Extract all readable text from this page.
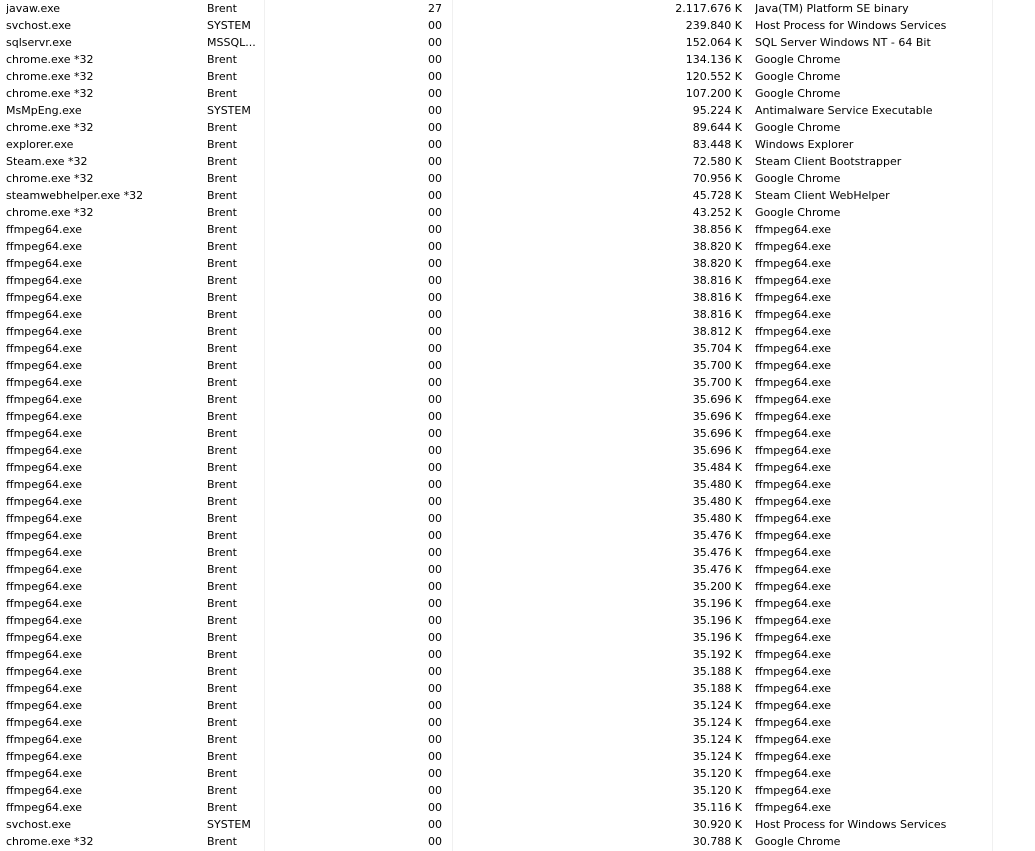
javaw.exe	Brent	27	2.117.676 K Java(TM) Platform SE binary
svchost.exe	SYSTEM	00	239.840 K Host Process for Windows Services
sqlservr.exe	MSSQL...	00	152.064 K SQL Server Windows NT - 64 Bit
chrome.exe *32	Brent	00	134.136 K Google Chrome
chrome.exe *32	Brent	00	120.552 K Google Chrome
chrome.exe *32	Brent	00	107.200 K Google Chrome
MsMpEng.exe	SYSTEM	00	95.224 K Antimalware Service Executable
chrome.exe *32	Brent	00	89.644 K Google Chrome
explorer.exe	Brent	00	83.448 K Windows Explorer
Steam.exe *32	Brent	00	72.580 K Steam Client Bootstrapper
chrome.exe *32	Brent	00	70.956 K Google Chrome
steamwebhelper.exe *32	Brent	00	45.728 K Steam Client WebHelper
chrome.exe *32	Brent	00	43.252 K Google Chrome
ffmpeg64.exe	Brent	00	38.856 K ffmpeg64.exe
ffmpeg64.exe	Brent	00	38.820 K ffmpeg64.exe
ffmpeg64.exe	Brent	00	38.820 K ffmpeg64.exe
ffmpeg64.exe	Brent	00	38.816 K ffmpeg64.exe
ffmpeg64.exe	Brent	00	38.816 K ffmpeg64.exe
ffmpeg64.exe	Brent	00	38.816 K ffmpeg64.exe
ffmpeg64.exe	Brent	00	38.812 K ffmpeg64.exe
ffmpeg64.exe	Brent	00	35.704 K ffmpeg64.exe
ffmpeg64.exe	Brent	00	35.700 K ffmpeg64.exe
ffmpeg64.exe	Brent	00	35.700 K ffmpeg64.exe
ffmpeg64.exe	Brent	00	35.696 K ffmpeg64.exe
ffmpeg64.exe	Brent	00	35.696 K ffmpeg64.exe
ffmpeg64.exe	Brent	00	35.696 K ffmpeg64.exe
ffmpeg64.exe	Brent	00	35.696 K ffmpeg64.exe
ffmpeg64.exe	Brent	00	35.484 K ffmpeg64.exe
ffmpeg64.exe	Brent	00	35.480 K ffmpeg64.exe
ffmpeg64.exe	Brent	00	35.480 K ffmpeg64.exe
ffmpeg64.exe	Brent	00	35.480 K ffmpeg64.exe
ffmpeg64.exe	Brent	00	35.476 K ffmpeg64.exe
ffmpeg64.exe	Brent	00	35.476 K ffmpeg64.exe
ffmpeg64.exe	Brent	00	35.476 K ffmpeg64.exe
ffmpeg64.exe	Brent	00	35.200 K ffmpeg64.exe
ffmpeg64.exe	Brent	00	35.196 K ffmpeg64.exe
ffmpeg64.exe	Brent	00	35.196 K ffmpeg64.exe
ffmpeg64.exe	Brent	00	35.196 K ffmpeg64.exe
ffmpeg64.exe	Brent	00	35.192 K ffmpeg64.exe
ffmpeg64.exe	Brent	00	35.188 K ffmpeg64.exe
ffmpeg64.exe	Brent	00	35.188 K ffmpeg64.exe
ffmpeg64.exe	Brent	00	35.124 K ffmpeg64.exe
ffmpeg64.exe	Brent	00	35.124 K ffmpeg64.exe
ffmpeg64.exe	Brent	00	35.124 K ffmpeg64.exe
ffmpeg64.exe	Brent	00	35.124 K ffmpeg64.exe
ffmpeg64.exe	Brent	00	35.120 K ffmpeg64.exe
ffmpeg64.exe	Brent	00	35.120 K ffmpeg64.exe
ffmpeg64.exe	Brent	00	35.116 K ffmpeg64.exe
svchost.exe	SYSTEM	00	30.920 K Host Process for Windows Services
chrome.exe *32	Brent	00	30.788 K Google Chrome
